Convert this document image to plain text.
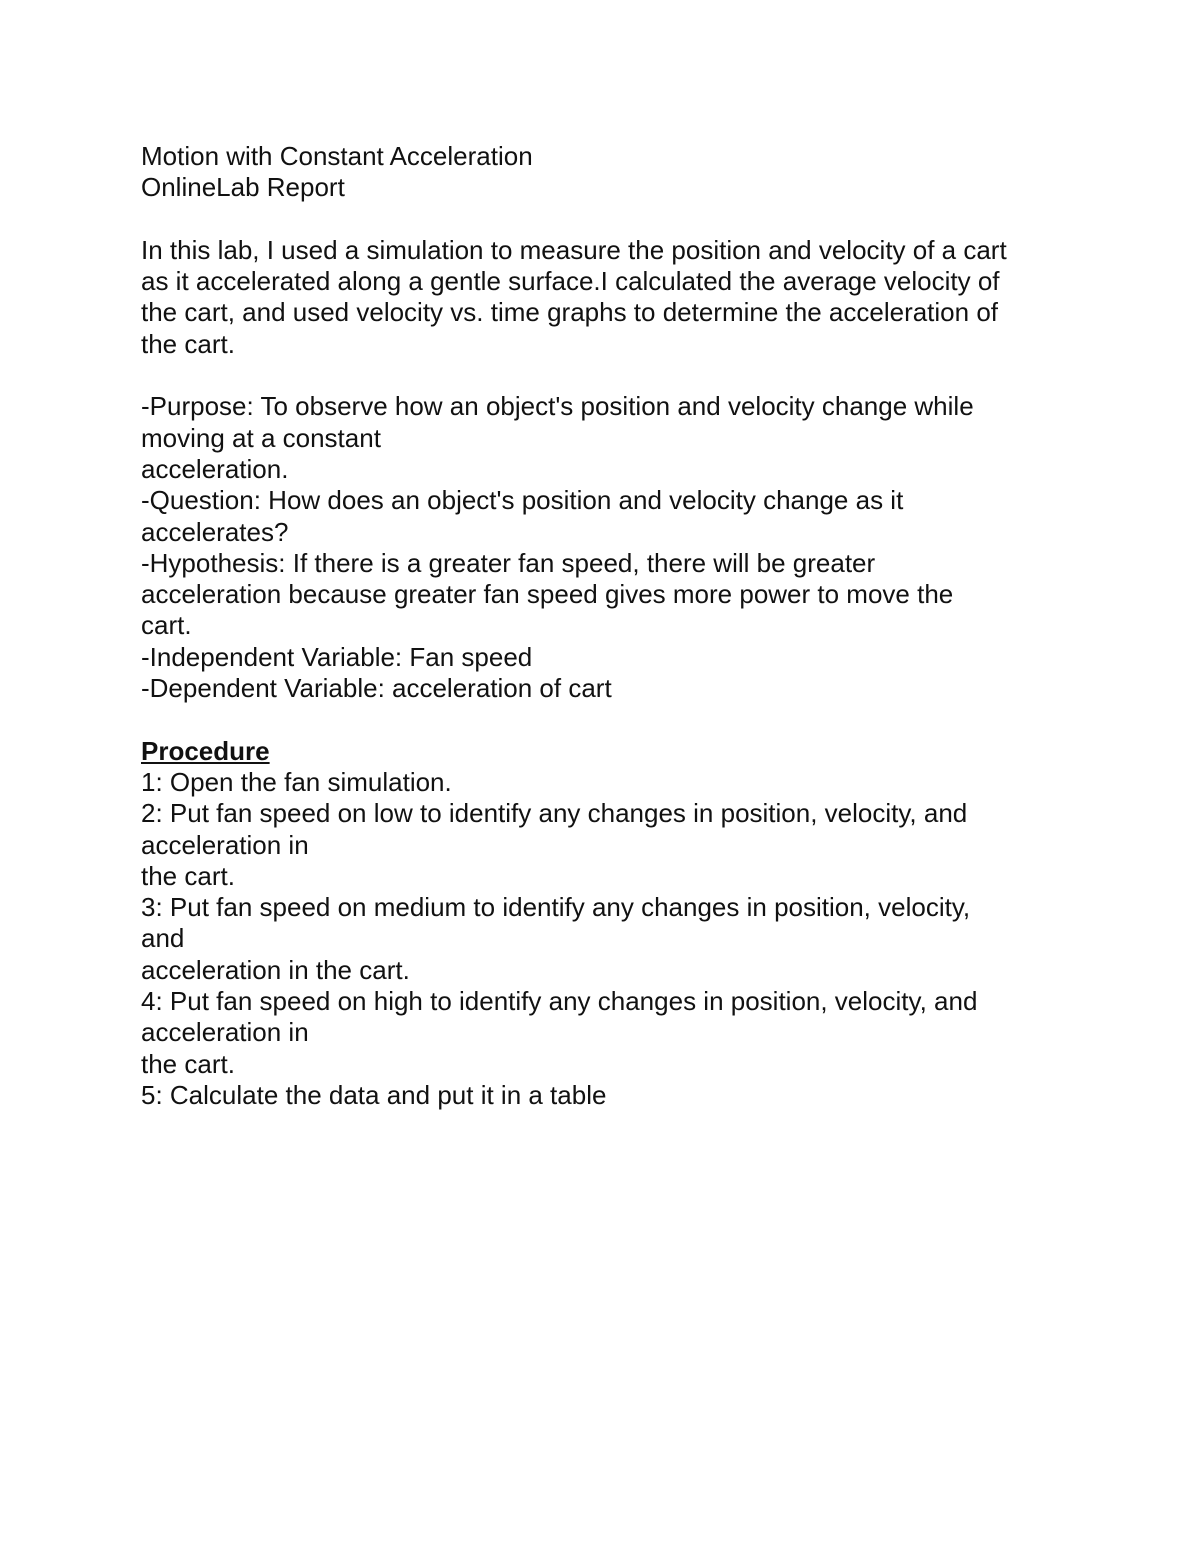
Motion with Constant Acceleration
OnlineLab Report
In this lab, I used a simulation to measure the position and velocity of a cart
as it accelerated along a gentle surface.I calculated the average velocity of
the cart, and used velocity vs. time graphs to determine the acceleration of
the cart.
-Purpose: To observe how an object's position and velocity change while
moving at a constant
acceleration.
-Question: How does an object's position and velocity change as it
accelerates?
-Hypothesis: If there is a greater fan speed, there will be greater
acceleration because greater fan speed gives more power to move the
cart.
-Independent Variable: Fan speed
-Dependent Variable: acceleration of cart
Procedure
1: Open the fan simulation.
2: Put fan speed on low to identify any changes in position, velocity, and
acceleration in
the cart.
3: Put fan speed on medium to identify any changes in position, velocity,
and
acceleration in the cart.
4: Put fan speed on high to identify any changes in position, velocity, and
acceleration in
the cart.
5: Calculate the data and put it in a table
